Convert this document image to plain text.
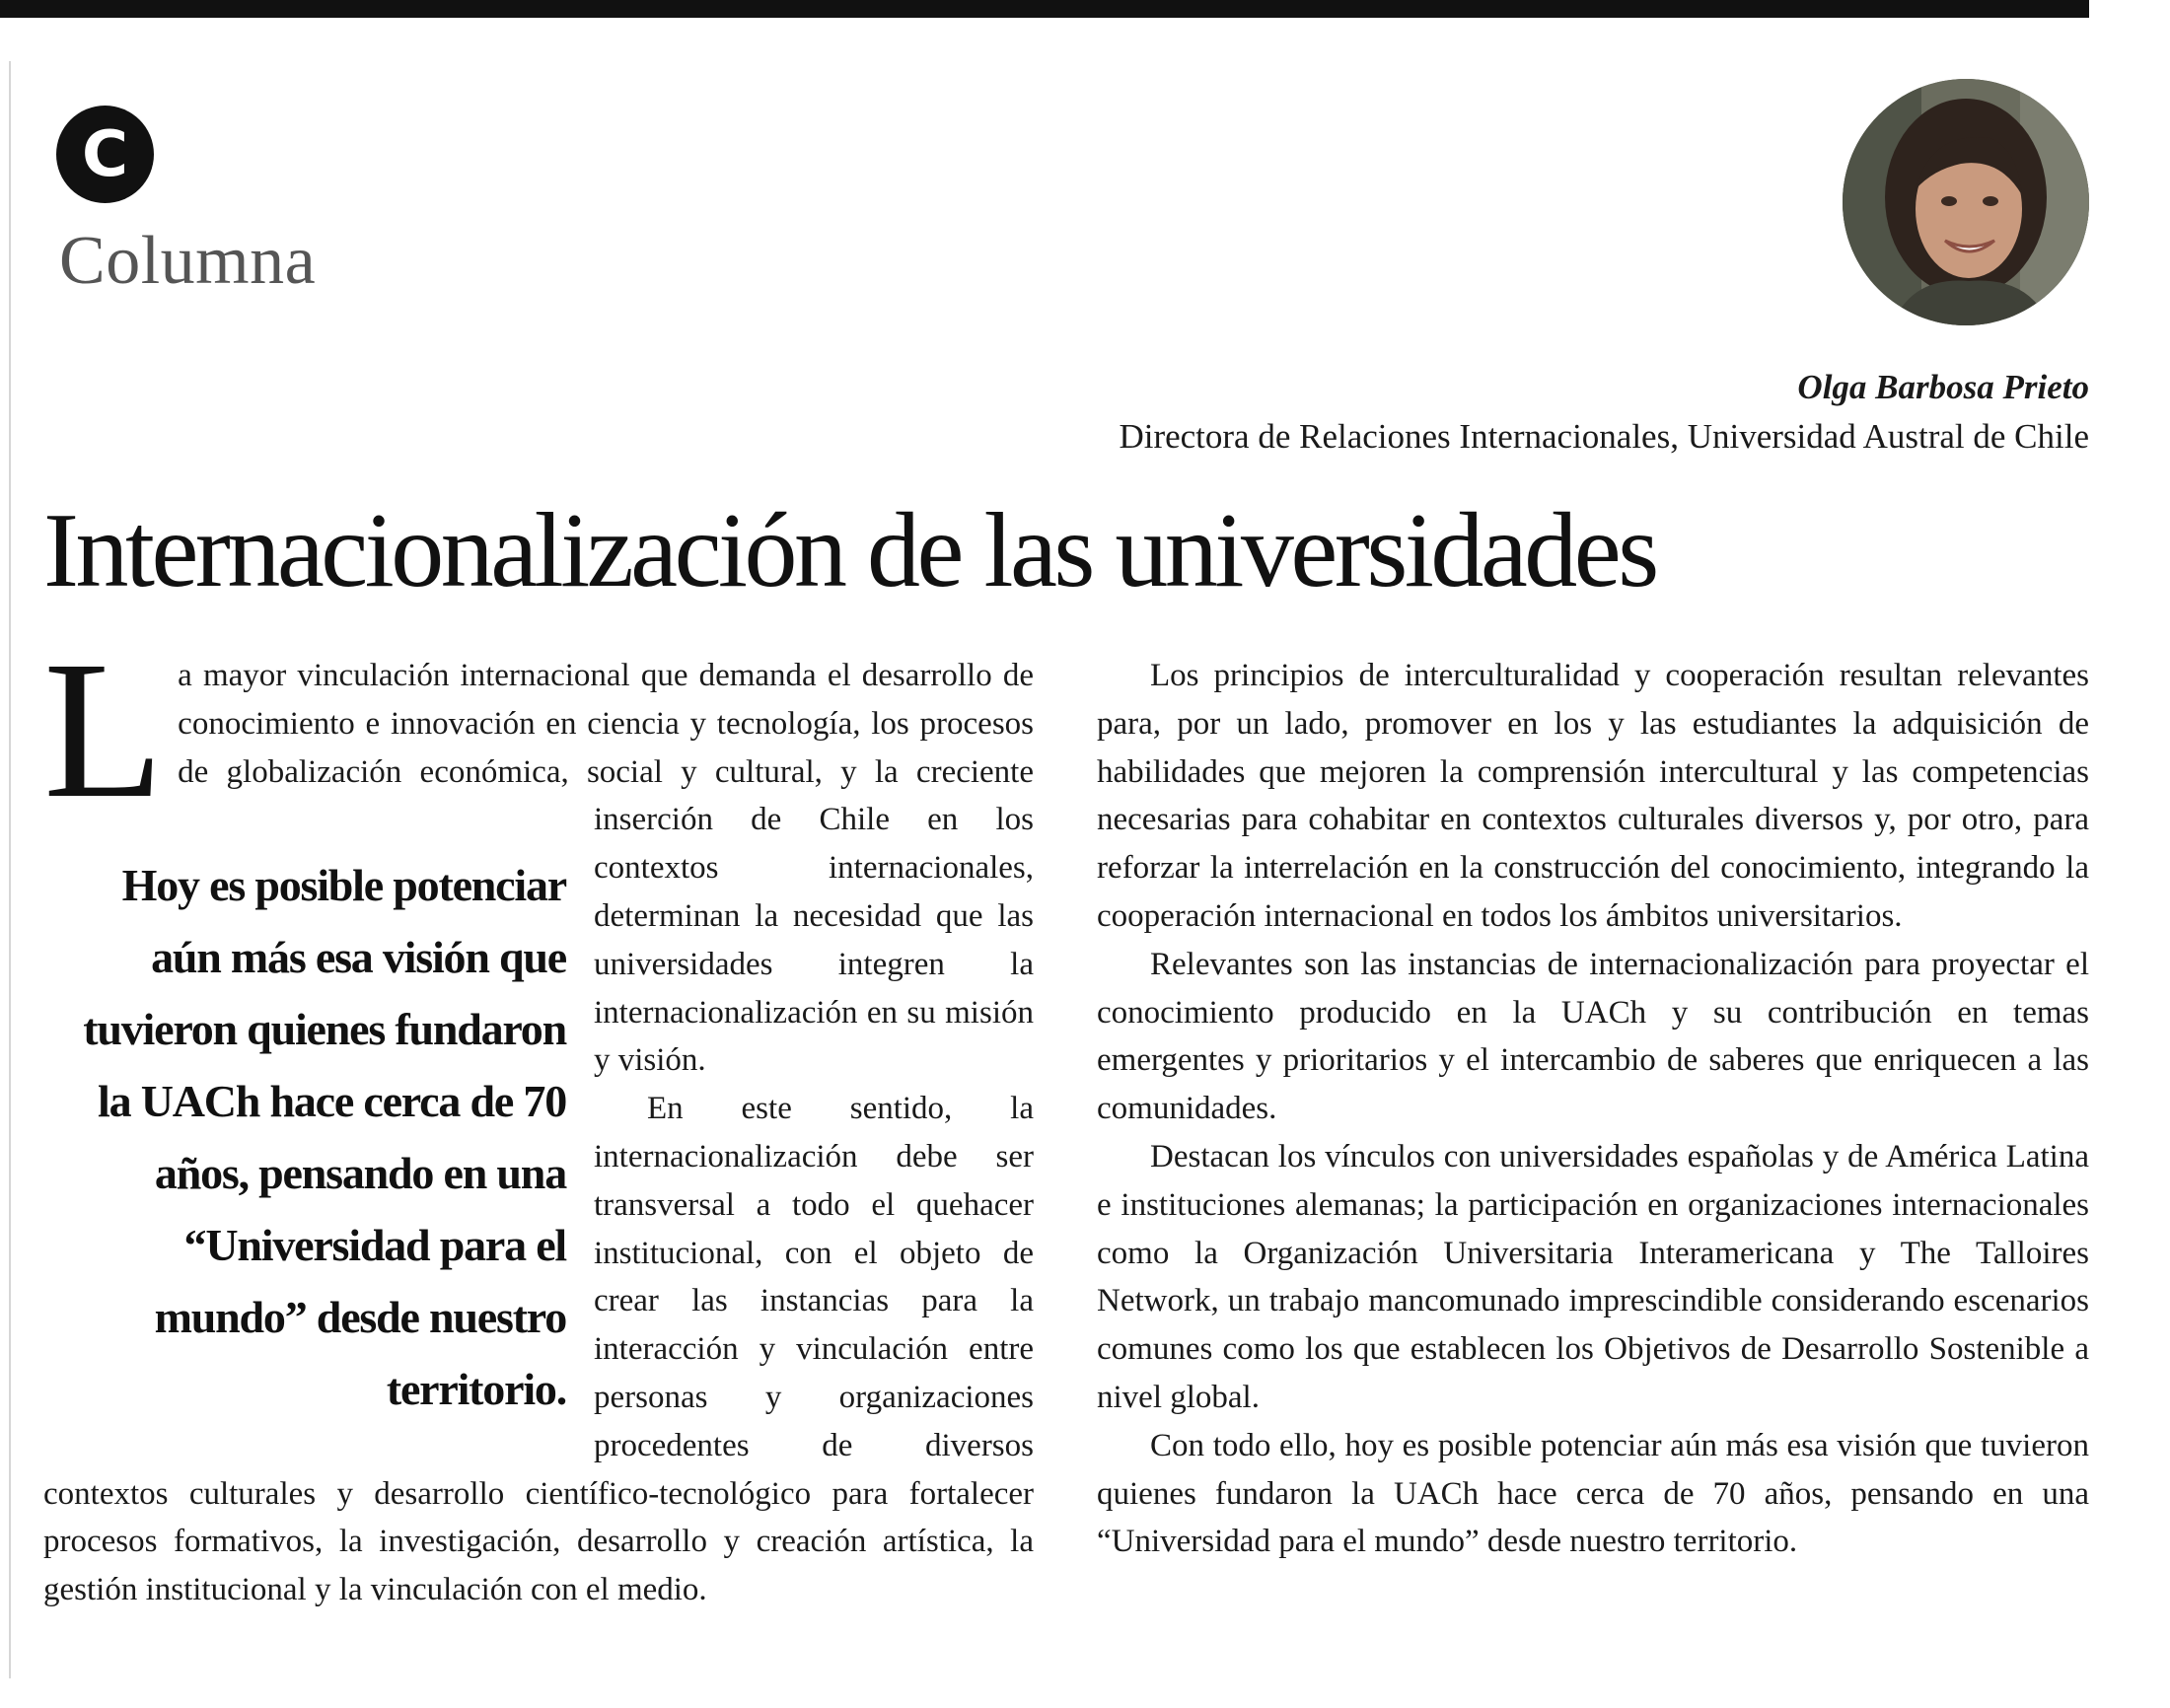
C
Columna
Olga Barbosa Prieto
Directora de Relaciones Internacionales, Universidad Austral de Chile
Internacionalización de las universidades
L
Hoy es posible potenciar aún más esa visión que tuvieron quienes fundaron la UACh hace cerca de 70 años, pensando en una “Universidad para el mundo” desde nuestro territorio.

a mayor vinculación internacional que demanda el desarrollo de conocimiento e innovación en ciencia y tecnología, los procesos de globalización económica, social y cultural, y la creciente inserción de Chile en los contextos internacionales, determinan la necesidad que las universidades integren la internacionalización en su misión y visión.

En este sentido, la internacionalización debe ser transversal a todo el quehacer institucional, con el objeto de crear las instancias para la interacción y vinculación entre personas y organizaciones procedentes de diversos contextos culturales y desarrollo científico-tecnológico para fortalecer procesos formativos, la investigación, desarrollo y creación artística, la gestión institucional y la vinculación con el medio.

Los principios de interculturalidad y cooperación resultan relevantes para, por un lado, promover en los y las estudiantes la adquisición de habilidades que mejoren la comprensión intercultural y las competencias necesarias para cohabitar en contextos culturales diversos y, por otro, para reforzar la interrelación en la construcción del conocimiento, integrando la cooperación internacional en todos los ámbitos universitarios.

Relevantes son las instancias de internacionalización para proyectar el conocimiento producido en la UACh y su contribución en temas emergentes y prioritarios y el intercambio de saberes que enriquecen a las comunidades.

Destacan los vínculos con universidades españolas y de América Latina e instituciones alemanas; la participación en organizaciones internacionales como la Organización Universitaria Interamericana y The Talloires Network, un trabajo mancomunado imprescindible considerando escenarios comunes como los que establecen los Objetivos de Desarrollo Sostenible a nivel global.

Con todo ello, hoy es posible potenciar aún más esa visión que tuvieron quienes fundaron la UACh hace cerca de 70 años, pensando en una “Universidad para el mundo” desde nuestro territorio.
